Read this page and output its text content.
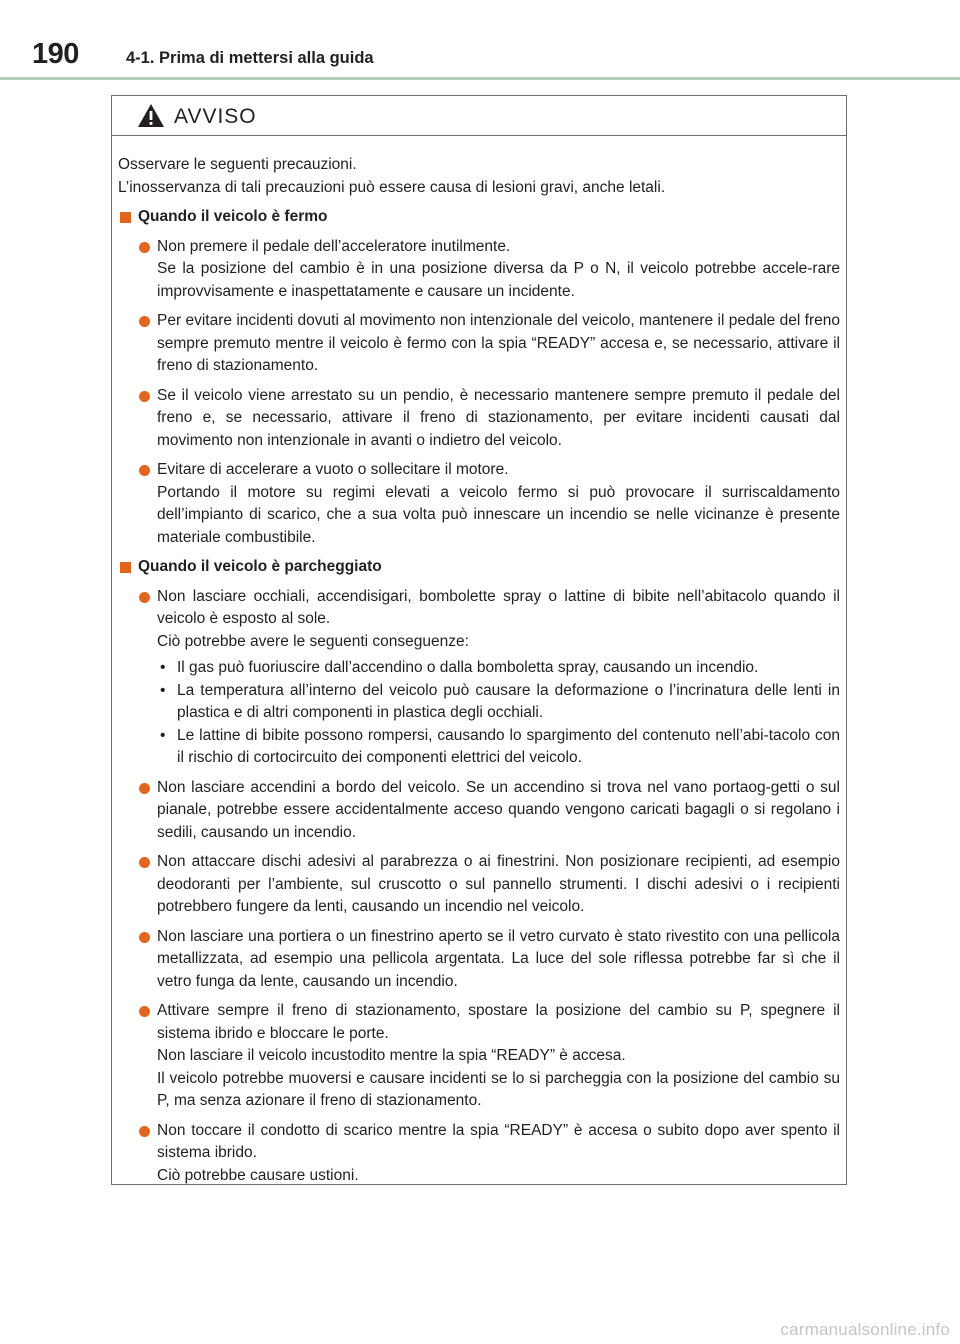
190	4-1. Prima di mettersi alla guida
AVVISO

Osservare le seguenti precauzioni.

L’inosservanza di tali precauzioni può essere causa di lesioni gravi, anche letali.

Quando il veicolo è fermo

Non premere il pedale dell’acceleratore inutilmente.

Se la posizione del cambio è in una posizione diversa da P o N, il veicolo potrebbe accele-rare improvvisamente e inaspettatamente e causare un incidente.

Per evitare incidenti dovuti al movimento non intenzionale del veicolo, mantenere il pedale del freno sempre premuto mentre il veicolo è fermo con la spia “READY” accesa e, se necessario, attivare il freno di stazionamento.

Se il veicolo viene arrestato su un pendio, è necessario mantenere sempre premuto il pedale del freno e, se necessario, attivare il freno di stazionamento, per evitare incidenti causati dal movimento non intenzionale in avanti o indietro del veicolo.

Evitare di accelerare a vuoto o sollecitare il motore.

Portando il motore su regimi elevati a veicolo fermo si può provocare il surriscaldamento dell’impianto di scarico, che a sua volta può innescare un incendio se nelle vicinanze è presente materiale combustibile.

Quando il veicolo è parcheggiato

Non lasciare occhiali, accendisigari, bombolette spray o lattine di bibite nell’abitacolo quando il veicolo è esposto al sole.

Ciò potrebbe avere le seguenti conseguenze:

• Il gas può fuoriuscire dall’accendino o dalla bomboletta spray, causando un incendio.
• La temperatura all’interno del veicolo può causare la deformazione o l’incrinatura delle lenti in plastica e di altri componenti in plastica degli occhiali.
• Le lattine di bibite possono rompersi, causando lo spargimento del contenuto nell’abi-tacolo con il rischio di cortocircuito dei componenti elettrici del veicolo.

Non lasciare accendini a bordo del veicolo. Se un accendino si trova nel vano portaog-getti o sul pianale, potrebbe essere accidentalmente acceso quando vengono caricati bagagli o si regolano i sedili, causando un incendio.

Non attaccare dischi adesivi al parabrezza o ai finestrini. Non posizionare recipienti, ad esempio deodoranti per l’ambiente, sul cruscotto o sul pannello strumenti. I dischi adesivi o i recipienti potrebbero fungere da lenti, causando un incendio nel veicolo.

Non lasciare una portiera o un finestrino aperto se il vetro curvato è stato rivestito con una pellicola metallizzata, ad esempio una pellicola argentata. La luce del sole riflessa potrebbe far sì che il vetro funga da lente, causando un incendio.

Attivare sempre il freno di stazionamento, spostare la posizione del cambio su P, spegnere il sistema ibrido e bloccare le porte.

Non lasciare il veicolo incustodito mentre la spia “READY” è accesa.

Il veicolo potrebbe muoversi e causare incidenti se lo si parcheggia con la posizione del cambio su P, ma senza azionare il freno di stazionamento.

Non toccare il condotto di scarico mentre la spia “READY” è accesa o subito dopo aver spento il sistema ibrido.

Ciò potrebbe causare ustioni.

carmanualsonline.info
